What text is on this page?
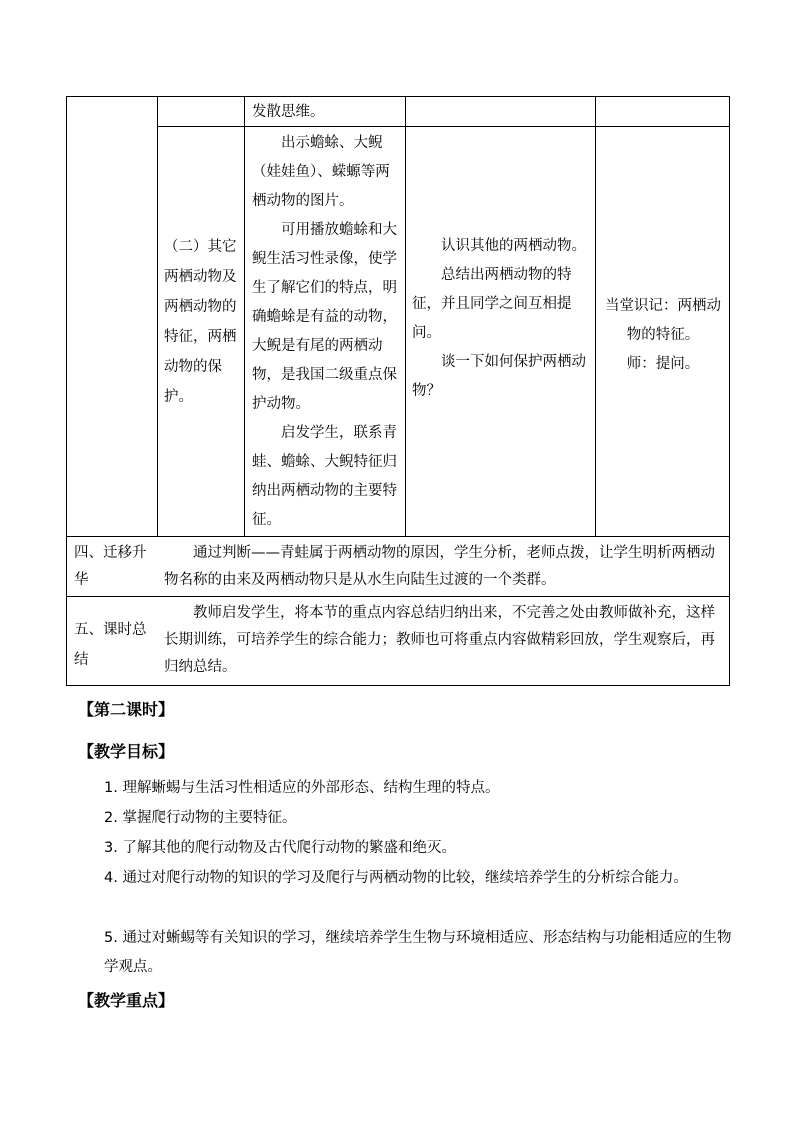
发散思维。

（二）其它两栖动物及两栖动物的特征，两栖动物的保护。

出示蟾蜍、大鲵（娃娃鱼）、蝾螈等两栖动物的图片。

可用播放蟾蜍和大鲵生活习性录像，使学生了解它们的特点，明确蟾蜍是有益的动物，大鲵是有尾的两栖动物，是我国二级重点保护动物。

启发学生，联系青蛙、蟾蜍、大鲵特征归纳出两栖动物的主要特征。

认识其他的两栖动物。

总结出两栖动物的特征，并且同学之间互相提问。

谈一下如何保护两栖动物？

当堂识记：两栖动物的特征。

师：提问。

四、迁移升华
通过判断——青蛙属于两栖动物的原因，学生分析，老师点拨，让学生明析两栖动物名称的由来及两栖动物只是从水生向陆生过渡的一个类群。
五、课时总结
教师启发学生，将本节的重点内容总结归纳出来，不完善之处由教师做补充，这样长期训练，可培养学生的综合能力；教师也可将重点内容做精彩回放，学生观察后，再归纳总结。
【第二课时】
【教学目标】
1. 理解蜥蜴与生活习性相适应的外部形态、结构生理的特点。
2. 掌握爬行动物的主要特征。
3. 了解其他的爬行动物及古代爬行动物的繁盛和绝灭。
4. 通过对爬行动物的知识的学习及爬行与两栖动物的比较，继续培养学生的分析综合能力。
5. 通过对蜥蜴等有关知识的学习，继续培养学生生物与环境相适应、形态结构与功能相适应的生物学观点。
【教学重点】
